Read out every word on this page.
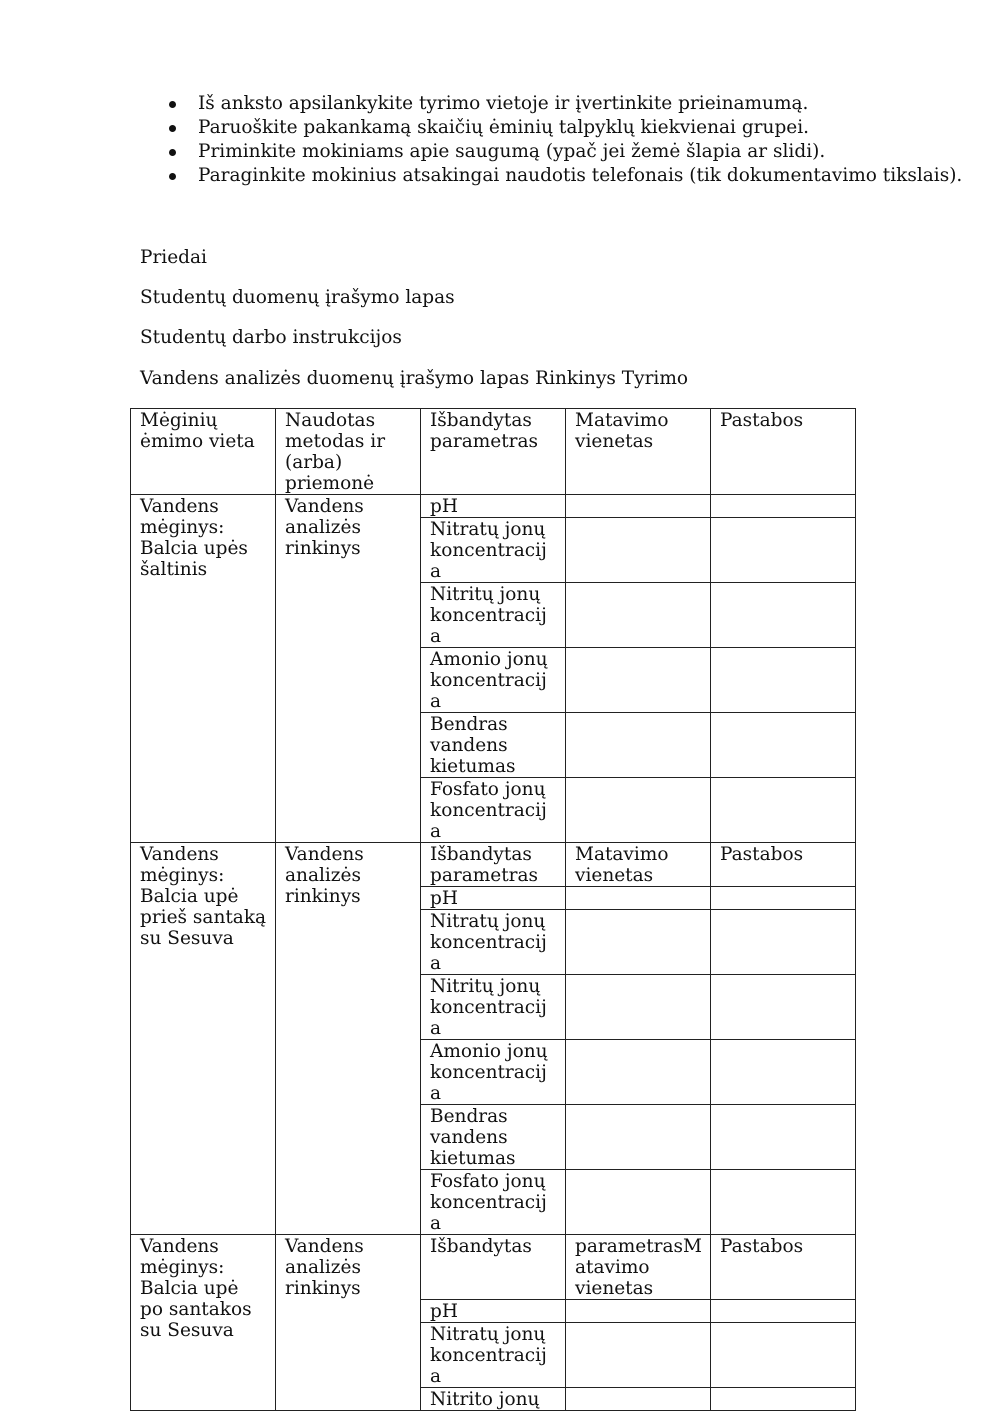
Iš anksto apsilankykite tyrimo vietoje ir įvertinkite prieinamumą.
Paruoškite pakankamą skaičių ėminių talpyklų kiekvienai grupei.
Priminkite mokiniams apie saugumą (ypač jei žemė šlapia ar slidi).
Paraginkite mokinius atsakingai naudotis telefonais (tik dokumentavimo tikslais).

Priedai

Studentų duomenų įrašymo lapas

Studentų darbo instrukcijos

Vandens analizės duomenų įrašymo lapas Rinkinys Tyrimo

Mėginių ėmimo vieta	Naudotas metodas ir (arba) priemonė	Išbandytas parametras	Matavimo vienetas	Pastabos
Vandens mėginys: Balcia upės šaltinis	Vandens analizės rinkinys	pH		
		Nitratų jonų koncentracija		
		Nitritų jonų koncentracija		
		Amonio jonų koncentracija		
		Bendras vandens kietumas		
		Fosfato jonų koncentracija		
Vandens mėginys: Balcia upė prieš santaką su Sesuva	Vandens analizės rinkinys	Išbandytas parametras	Matavimo vienetas	Pastabos
		pH		
		Nitratų jonų koncentracija		
		Nitritų jonų koncentracija		
		Amonio jonų koncentracija		
		Bendras vandens kietumas		
		Fosfato jonų koncentracija		
Vandens mėginys: Balcia upė po santakos su Sesuva	Vandens analizės rinkinys	Išbandytas	parametrasMatavimo vienetas	Pastabos
		pH		
		Nitratų jonų koncentracija		
		Nitrito jonų		
